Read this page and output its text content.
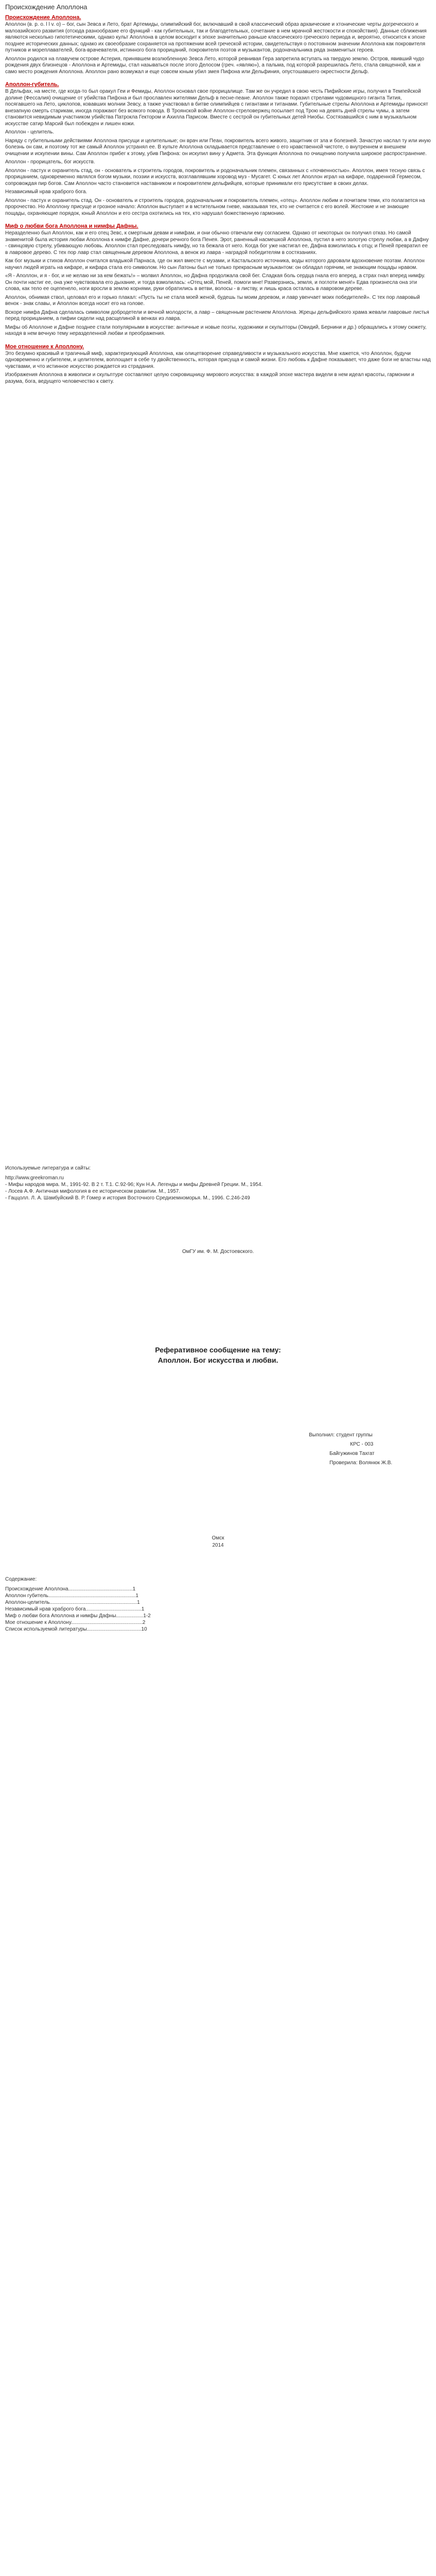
Происхождение Аполлона
Происхождение Аполлона.
Аполлон (в. р. о. l l v. о) – бог, сын Зевса и Лето, брат Артемиды, олимпийский бог, включавший в свой классический образ архаические и хтонические черты догреческого и малоазийского развития (отсюда разнообразие его функций - как губительных, так и благодетельных, сочетание в нем мрачной жестокости и спокойствия). Данные сближения являются несколько гипотетическими, однако культ Аполлона в целом восходит к эпохе значительно раньше классического греческого периода и, вероятно, относится к эпохе позднее исторических данных; однако их своеобразие сохраняется на протяжении всей греческой истории, свидетельствуя о постоянном значении Аполлона как покровителя путников и мореплавателей, бога-врачевателя, истинного бога прорицаний, покровителя поэтов и музыкантов, родоначальника ряда знаменитых героев.
Аполлон родился на плавучем острове Астерия, принявшем возлюбленную Зевса Лето, которой ревнивая Гера запретила вступать на твердую землю. Остров, явивший чудо рождения двух близнецов - Аполлона и Артемиды, стал называться после этого Делосом (греч. «являю»), а пальма, под которой разрешилась Лето, стала священной, как и само место рождения Аполлона. Аполлон рано возмужал и еще совсем юным убил змея Пифона или Дельфиния, опустошавшего окрестности Дельф.
Аполлон-губитель.
В Дельфах, на месте, где когда-то был оракул Геи и Фемиды, Аполлон основал свое прорицалище. Там же он учредил в свою честь Пифийские игры, получил в Темпейской долине (Фессалия) очищение от убийства Пифона и был прославлен жителями Дельф в песне-пеане. Аполлон также поразил стрелами чудовищного гиганта Тития, посягавшего на Лето, циклопов, ковавших молнии Зевсу, а также участвовал в битве олимпийцев с гигантами и титанами. Губительные стрелы Аполлона и Артемиды приносят внезапную смерть старикам, иногда поражают без всякого повода. В Троянской войне Аполлон-стреловержец посылает под Трою на девять дней стрелы чумы, а затем становится невидимым участником убийства Патрокла Гектором и Ахилла Парисом. Вместе с сестрой он губительных детей Ниобы. Состязавшийся с ним в музыкальном искусстве сатир Марсий был побежден и лишен кожи.
Аполлон - целитель.
Наряду с губительными действиями Аполлона присущи и целительные; он врач или Пеан, покровитель всего живого, защитник от зла и болезней. Зачастую наслал ту или иную болезнь он сам, и поэтому тот же самый Аполлон устранял ее. В культе Аполлона складывается представление о его нравственной чистоте, о внутреннем и внешнем очищении и искупении вины. Сам Аполлон прибег к этому, убив Пифона: он искупил вину у Адмета. Эта функция Аполлона по очищению получила широкое распространение.
Аполлон - прорицатель, бог искусств.
Аполлон - пастух и охранитель стад, он - основатель и строитель городов, покровитель и родоначальник племен, связанных с «почвенностью». Аполлон, имея тесную связь с прорицанием, одновременно являлся богом музыки, поэзии и искусств, возглавлявшим хоровод муз - Мусагет. С юных лет Аполлон играл на кифаре, подаренной Гермесом, сопровождая пир богов. Сам Аполлон часто становится наставником и покровителем дельфийцев, которые принимали его присутствие в своих делах.
Независимый нрав храброго бога.
Аполлон - пастух и охранитель стад. Он - основатель и строитель городов, родоначальник и покровитель племен, «отец». Аполлон любим и почитаем теми, кто полагается на пророчество. Но Аполлону присуще и грозное начало: Аполлон выступает и в мстительном гневе, наказывая тех, кто не считается с его волей. Жестокие и не знающие пощады, охраняющие порядок, юный Аполлон и его сестра охотились на тех, кто нарушал божественную гармонию.
Миф о любви бога Аполлона и нимфы Дафны.
Неразделенно был Аполлон, как и его отец Зевс, к смертным девам и нимфам, и они обычно отвечали ему согласием. Однако от некоторых он получил отказ. Но самой знаменитой была история любви Аполлона к нимфе Дафне, дочери речного бога Пенея. Эрот, раненный насмешкой Аполлона, пустил в него золотую стрелу любви, а в Дафну - свинцовую стрелу, убивающую любовь. Аполлон стал преследовать нимфу, но та бежала от него. Когда бог уже настигал ее, Дафна взмолилась к отцу, и Пеней превратил ее в лавровое дерево. С тех пор лавр стал священным деревом Аполлона, а венок из лавра - наградой победителям в состязаниях.
Как бог музыки и стихов Аполлон считался владыкой Парнаса, где он жил вместе с музами, и Кастальского источника, воды которого даровали вдохновение поэтам. Аполлон научил людей играть на кифаре, и кифара стала его символом. Но сын Латоны был не только прекрасным музыкантом: он обладал горячим, не знающим пощады нравом.
«Я - Аполлон, и я - бог, и не желаю ни за кем бежать!» – молвил Аполлон, но Дафна продолжала свой бег. Сладкая боль сердца гнала его вперед, а страх гнал вперед нимфу. Он почти настиг ее, она уже чувствовала его дыхание, и тогда взмолилась: «Отец мой, Пеней, помоги мне! Разверзнись, земля, и поглоти меня!» Едва произнесла она эти слова, как тело ее оцепенело, ноги вросли в землю корнями, руки обратились в ветви, волосы - в листву, и лишь краса осталась в лавровом дереве.
Аполлон, обнимая ствол, целовал его и горько плакал: «Пусть ты не стала моей женой, будешь ты моим деревом, и лавр увенчает моих победителей». С тех пор лавровый венок - знак славы, и Аполлон всегда носит его на голове.
Вскоре нимфа Дафна сделалась символом добродетели и вечной молодости, а лавр – священным растением Аполлона. Жрецы дельфийского храма жевали лавровые листья перед прорицанием, а пифии сидели над расщелиной в венках из лавра.
Мифы об Аполлоне и Дафне позднее стали популярными в искусстве: античные и новые поэты, художники и скульпторы (Овидий, Бернини и др.) обращались к этому сюжету, находя в нем вечную тему неразделенной любви и преображения.
Мое отношение к Аполлону.
Это безумно красивый и трагичный миф, характеризующий Аполлона, как олицетворение справедливости и музыкального искусства. Мне кажется, что Аполлон, будучи одновременно и губителем, и целителем, воплощает в себе ту двойственность, которая присуща и самой жизни. Его любовь к Дафне показывает, что даже боги не властны над чувствами, и что истинное искусство рождается из страдания.
Изображения Аполлона в живописи и скульптуре составляют целую сокровищницу мирового искусства: в каждой эпохе мастера видели в нем идеал красоты, гармонии и разума, бога, ведущего человечество к свету.
Используемые литература и сайты:
http://www.greekroman.ru
- Мифы народов мира. М., 1991-92. В 2 т. Т.1. С.92-96; Кун Н.А. Легенды и мифы Древней Греции. М., 1954.
- Лосев А.Ф. Античная мифология в ее историческом развитии. М., 1957.
- Гаццолл. Л. А. Шамбуйский В. Р. Гомер и история Восточного Средиземноморья. М., 1996. С.246-249
ОмГУ им. Ф. М. Достоевского.
Реферативное сообщение на тему:
Аполлон. Бог искусства и любви.
Выполнил: студент группы
КРС - 003
Байгужинов Тахгат
Проверила: Волянюк Ж.В.
Омск
2014
Содержание:
Происхождение Аполлона.............................................1
Аполлон губитель.............................................................1
Аполлон-целитель.............................................................1
Независимый нрав храброго бога.......................................1
Миф о любви бога Аполлона и нимфы Дафны...................1-2
Мое отношение к Аполлону..................................................2
Список используемой литературы......................................10
